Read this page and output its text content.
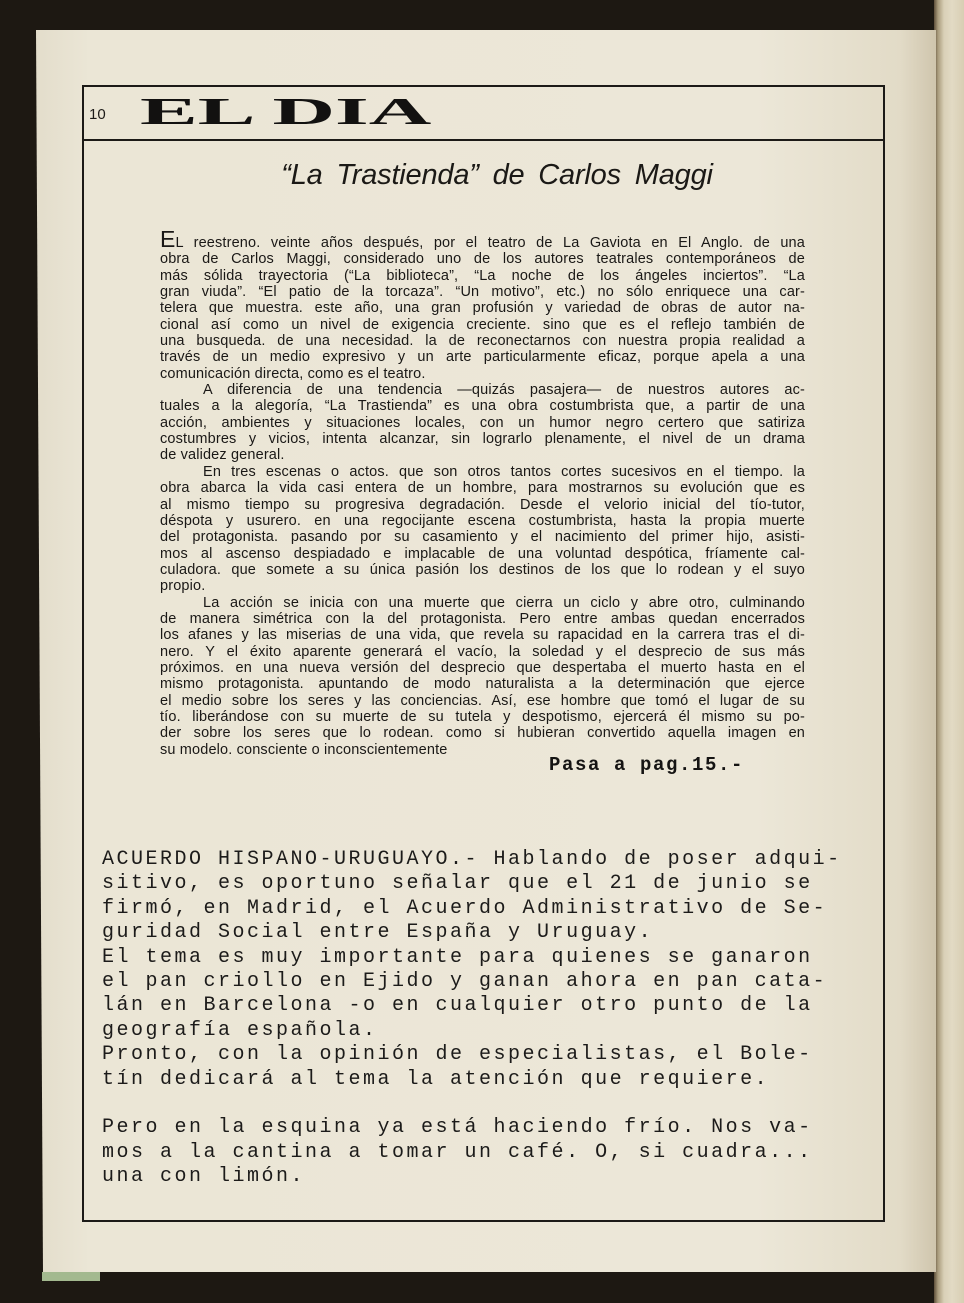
10 EL DIA
“La Trastienda” de Carlos Maggi
EL reestreno. veinte años después, por el teatro de La Gaviota en El Anglo. de una
obra de Carlos Maggi, considerado uno de los autores teatrales contemporáneos de
más sólida trayectoria (“La biblioteca”, “La noche de los ángeles inciertos”. “La
gran viuda”. “El patio de la torcaza”. “Un motivo”, etc.) no sólo enriquece una car-
telera que muestra. este año, una gran profusión y variedad de obras de autor na-
cional así como un nivel de exigencia creciente. sino que es el reflejo también de
una busqueda. de una necesidad. la de reconectarnos con nuestra propia realidad a
través de un medio expresivo y un arte particularmente eficaz, porque apela a una
comunicación directa, como es el teatro.
A diferencia de una tendencia —quizás pasajera— de nuestros autores ac-
tuales a la alegoría, “La Trastienda” es una obra costumbrista que, a partir de una
acción, ambientes y situaciones locales, con un humor negro certero que satiriza
costumbres y vicios, intenta alcanzar, sin lograrlo plenamente, el nivel de un drama
de validez general.
En tres escenas o actos. que son otros tantos cortes sucesivos en el tiempo. la
obra abarca la vida casi entera de un hombre, para mostrarnos su evolución que es
al mismo tiempo su progresiva degradación. Desde el velorio inicial del tío-tutor,
déspota y usurero. en una regocijante escena costumbrista, hasta la propia muerte
del protagonista. pasando por su casamiento y el nacimiento del primer hijo, asisti-
mos al ascenso despiadado e implacable de una voluntad despótica, fríamente cal-
culadora. que somete a su única pasión los destinos de los que lo rodean y el suyo
propio.
La acción se inicia con una muerte que cierra un ciclo y abre otro, culminando
de manera simétrica con la del protagonista. Pero entre ambas quedan encerrados
los afanes y las miserias de una vida, que revela su rapacidad en la carrera tras el di-
nero. Y el éxito aparente generará el vacío, la soledad y el desprecio de sus más
próximos. en una nueva versión del desprecio que despertaba el muerto hasta en el
mismo protagonista. apuntando de modo naturalista a la determinación que ejerce
el medio sobre los seres y las conciencias. Así, ese hombre que tomó el lugar de su
tío. liberándose con su muerte de su tutela y despotismo, ejercerá él mismo su po-
der sobre los seres que lo rodean. como si hubieran convertido aquella imagen en
su modelo. consciente o inconscientemente
Pasa a pag.15.-
ACUERDO HISPANO-URUGUAYO.- Hablando de poser adqui-
sitivo, es oportuno señalar que el 21 de junio se
firmó, en Madrid, el Acuerdo Administrativo de Se-
guridad Social entre España y Uruguay.
El tema es muy importante para quienes se ganaron
el pan criollo en Ejido y ganan ahora en pan cata-
lán en Barcelona -o en cualquier otro punto de la
geografía española.
Pronto, con la opinión de especialistas, el Bole-
tín dedicará al tema la atención que requiere.
Pero en la esquina ya está haciendo frío. Nos va-
mos a la cantina a tomar un café. O, si cuadra...
una con limón.
